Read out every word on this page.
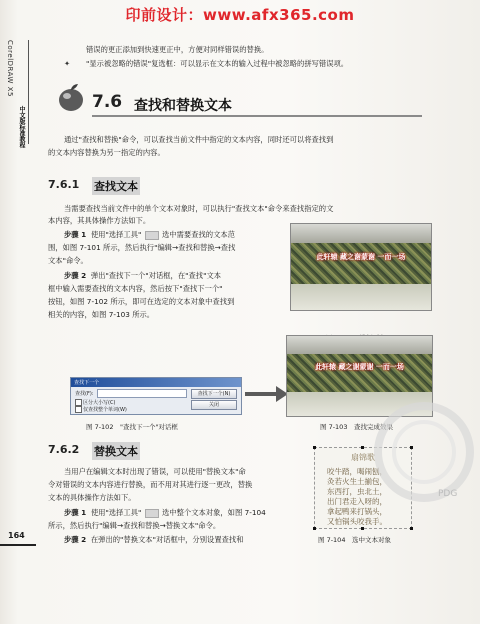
印前设计：www.afx365.com
CorelDRAW X5
中文版标准教程
错误的更正添加到快速更正中，方便对同样错误的替换。
✦ "显示被忽略的错误"复选框：可以显示在文本的输入过程中被忽略的拼写错误项。
7.6 查找和替换文本
通过"查找和替换"命令，可以查找当前文件中指定的文本内容，同时还可以将查找到
的文本内容替换为另一指定的内容。
7.6.1 查找文本
当需要查找当前文件中的单个文本对象时，可以执行"查找文本"命令来查找指定的文
本内容，其具体操作方法如下。
步骤 1 使用"选择工具"	选中需要查找的文本范
围，如图 7-101 所示，然后执行"编辑→查找和替换→查找
文本"命令。
步骤 2 弹出"查找下一个"对话框，在"查找"文本
框中输入需要查找的文本内容，然后按下"查找下一个"
按钮，如图 7-102 所示，即可在选定的文本对象中查找到
相关的内容，如图 7-103 所示。
此轩辕 藏之谢蒙谢 一而一场
查找下一个
查找(F):	查找下一个(N)
关闭
区分大小写(C)
仅查找整个单词(W)
图 7-102　"查找下一个"对话框
此轩辕 藏之谢蒙谢 一而一场
图 7-103　查找完成效果
7.6.2 替换文本
当用户在编辑文本时出现了错误，可以使用"替换文本"命
令对错误的文本内容进行替换，而不用对其进行逐一更改，替换
文本的具体操作方法如下。
步骤 1 使用"选择工具"	选中整个文本对象，如图 7-104
所示，然后执行"编辑→查找和替换→替换文本"命令。
步骤 2 在弹出的"替换文本"对话框中，分别设置查找和
扇锦歌
咬牛踏，喝闹刨，
灸若火生土揃包，
东西打，虫北土，
出门君走入呀的，
拿起鸭来打锅头，
又怕锅头咬我手。
图 7-104　选中文本对象
PDG
164
